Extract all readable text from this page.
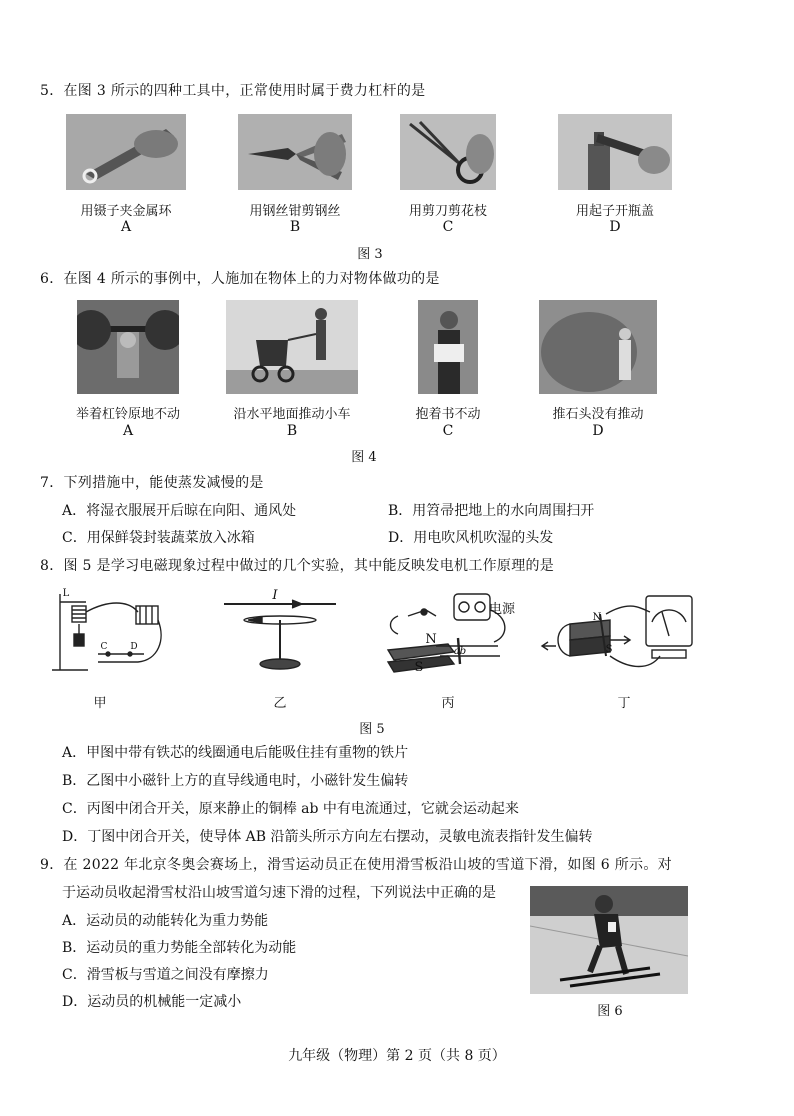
5．在图 3 所示的四种工具中，正常使用时属于费力杠杆的是
用镊子夹金属环	用钢丝钳剪钢丝	用剪刀剪花枝	用起子开瓶盖
A	B	C	D
图 3
6．在图 4 所示的事例中，人施加在物体上的力对物体做功的是
举着杠铃原地不动	沿水平地面推动小车	抱着书不动	推石头没有推动
A	B	C	D
图 4
7．下列措施中，能使蒸发减慢的是
A．将湿衣服展开后晾在向阳、通风处	B．用笤帚把地上的水向周围扫开
C．用保鲜袋封装蔬菜放入冰箱	D．用电吹风机吹湿的头发
8．图 5 是学习电磁现象过程中做过的几个实验，其中能反映发电机工作原理的是
L
C	D
I
电源
N
ab
S
N
S
甲	乙	丙	丁
图 5
A．甲图中带有铁芯的线圈通电后能吸住挂有重物的铁片
B．乙图中小磁针上方的直导线通电时，小磁针发生偏转
C．丙图中闭合开关，原来静止的铜棒 ab 中有电流通过，它就会运动起来
D．丁图中闭合开关，使导体 AB 沿箭头所示方向左右摆动，灵敏电流表指针发生偏转
9．在 2022 年北京冬奥会赛场上，滑雪运动员正在使用滑雪板沿山坡的雪道下滑，如图 6 所示。对
于运动员收起滑雪杖沿山坡雪道匀速下滑的过程，下列说法中正确的是
A．运动员的动能转化为重力势能
B．运动员的重力势能全部转化为动能
C．滑雪板与雪道之间没有摩擦力
D．运动员的机械能一定减小
图 6
九年级（物理）第 2 页（共 8 页）
